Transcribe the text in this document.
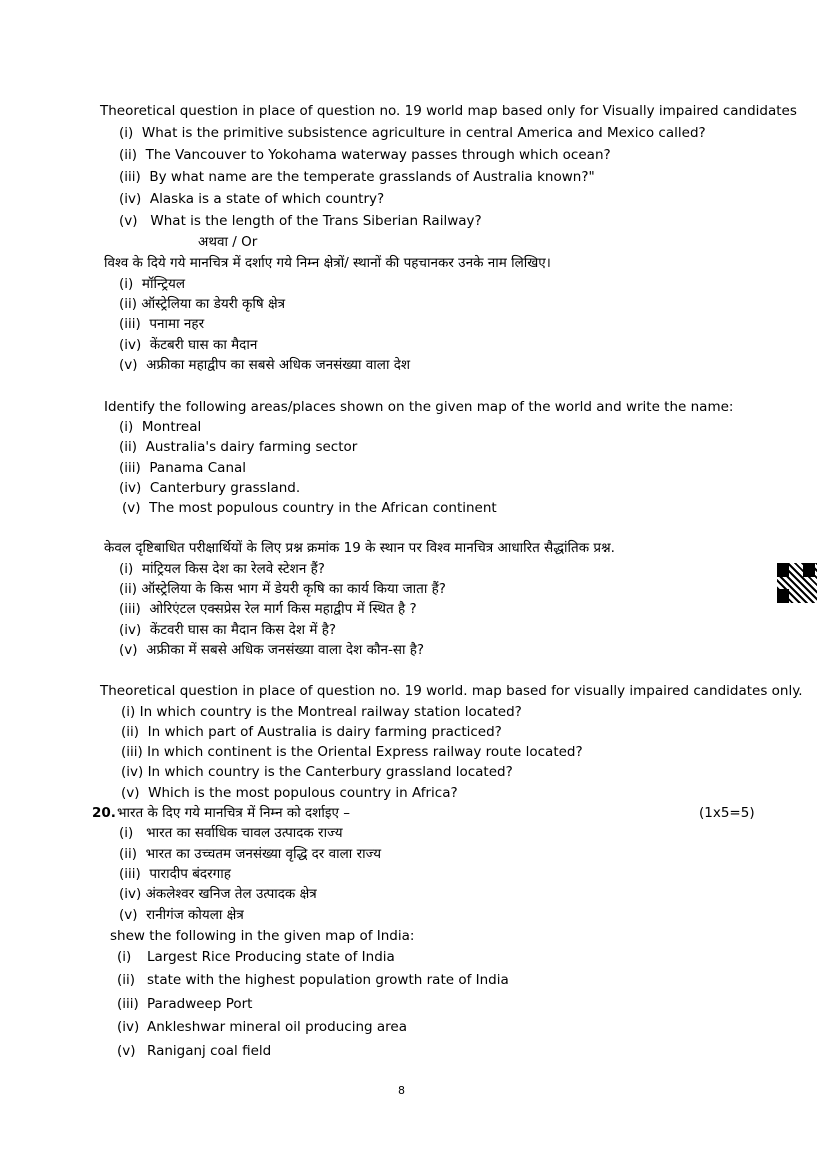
Theoretical question in place of question no. 19 world map based only for Visually impaired candidates
(i) What is the primitive subsistence agriculture in central America and Mexico called?
(ii) The Vancouver to Yokohama waterway passes through which ocean?
(iii) By what name are the temperate grasslands of Australia known?"
(iv) Alaska is a state of which country?
(v) What is the length of the Trans Siberian Railway?
अथवा / Or
विश्व के दिये गये मानचित्र में दर्शाए गये निम्न क्षेत्रों/ स्थानों की पहचानकर उनके नाम लिखिए।
(i) मॉन्ट्रियल
(ii) ऑस्ट्रेलिया का डेयरी कृषि क्षेत्र
(iii) पनामा नहर
(iv) केंटबरी घास का मैदान
(v) अफ्रीका महाद्वीप का सबसे अधिक जनसंख्या वाला देश
Identify the following areas/places shown on the given map of the world and write the name:
(i) Montreal
(ii) Australia's dairy farming sector
(iii) Panama Canal
(iv) Canterbury grassland.
(v) The most populous country in the African continent
केवल दृष्टिबाधित परीक्षार्थियों के लिए प्रश्न क्रमांक 19 के स्थान पर विश्व मानचित्र आधारित सैद्धांतिक प्रश्न.
(i) मांट्रियल किस देश का रेलवे स्टेशन हैं?
(ii) ऑस्ट्रेलिया के किस भाग में डेयरी कृषि का कार्य किया जाता हैं?
(iii) ओरिएंटल एक्सप्रेस रेल मार्ग किस महाद्वीप में स्थित है ?
(iv) केंटवरी घास का मैदान किस देश में है?
(v) अफ्रीका में सबसे अधिक जनसंख्या वाला देश कौन-सा है?
Theoretical question in place of question no. 19 world. map based for visually impaired candidates only.
(i) In which country is the Montreal railway station located?
(ii) In which part of Australia is dairy farming practiced?
(iii) In which continent is the Oriental Express railway route located?
(iv) In which country is the Canterbury grassland located?
(v) Which is the most populous country in Africa?
20. भारत के दिए गये मानचित्र में निम्न को दर्शाइए –	(1x5=5)
(i) भारत का सर्वाधिक चावल उत्पादक राज्य
(ii) भारत का उच्चतम जनसंख्या वृद्धि दर वाला राज्य
(iii) पारादीप बंदरगाह
(iv) अंकलेश्वर खनिज तेल उत्पादक क्षेत्र
(v) रानीगंज कोयला क्षेत्र
shew the following in the given map of India:
(i) Largest Rice Producing state of India
(ii) state with the highest population growth rate of India
(iii) Paradweep Port
(iv) Ankleshwar mineral oil producing area
(v) Raniganj coal field
8
